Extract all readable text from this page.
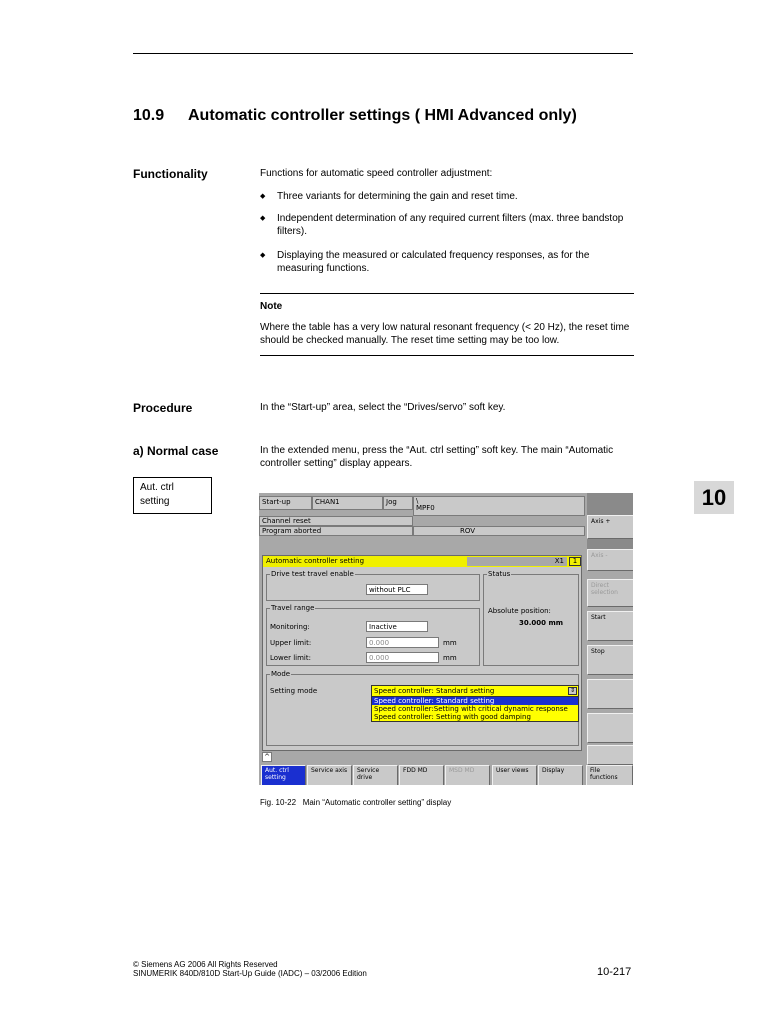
10.9 Automatic controller settings ( HMI Advanced only)
Functionality	Functions for automatic speed controller adjustment:
◆ Three variants for determining the gain and reset time.
◆ Independent determination of any required current filters (max. three bandstop filters).
◆ Displaying the measured or calculated frequency responses, as for the measuring functions.
Note
Where the table has a very low natural resonant frequency (< 20 Hz), the reset time should be checked manually. The reset time setting may be too low.
Procedure	In the “Start-up” area, select the “Drives/servo” soft key.
a) Normal case	In the extended menu, press the “Aut. ctrl setting” soft key. The main “Automatic controller setting” display appears.
Aut. ctrl
setting	10
Start-up	CHAN1	Jog	\
MPF0
Channel reset
Program aborted	ROV
Axis +
Axis -
Direct selection
Start
Stop
Automatic controller setting	X1	1
Drive test travel enable
without PLC
Travel range
Monitoring:	Inactive
Upper limit:	0.000	mm
Lower limit:	0.000	mm
Status
Absolute position:
30.000 mm
Mode
Setting mode	Speed controller: Standard setting	⇕
Speed controller: Standard setting
Speed controller:Setting with critical dynamic response
Speed controller: Setting with good damping
^
Aut. ctrl setting
Service axis	Service drive
FDD MD	MSD MD	User views	Display	File functions
Fig. 10-22   Main “Automatic controller setting” display
© Siemens AG 2006 All Rights Reserved
SINUMERIK 840D/810D Start-Up Guide (IADC) – 03/2006 Edition	10-217
